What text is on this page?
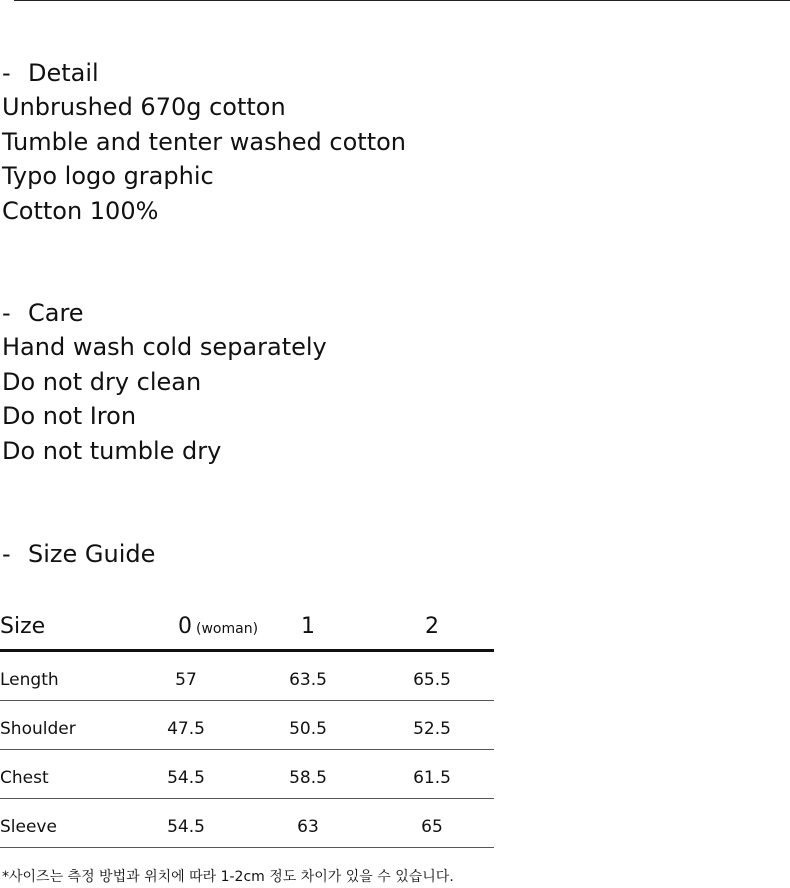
- Detail
Unbrushed 670g cotton
Tumble and tenter washed cotton
Typo logo graphic
Cotton 100%
- Care
Hand wash cold separately
Do not dry clean
Do not Iron
Do not tumble dry
- Size Guide
Size	0 (woman)	1	2
Length	57	63.5	65.5
Shoulder	47.5	50.5	52.5
Chest	54.5	58.5	61.5
Sleeve	54.5	63	65
*사이즈는 측정 방법과 위치에 따라 1-2cm 정도 차이가 있을 수 있습니다.
